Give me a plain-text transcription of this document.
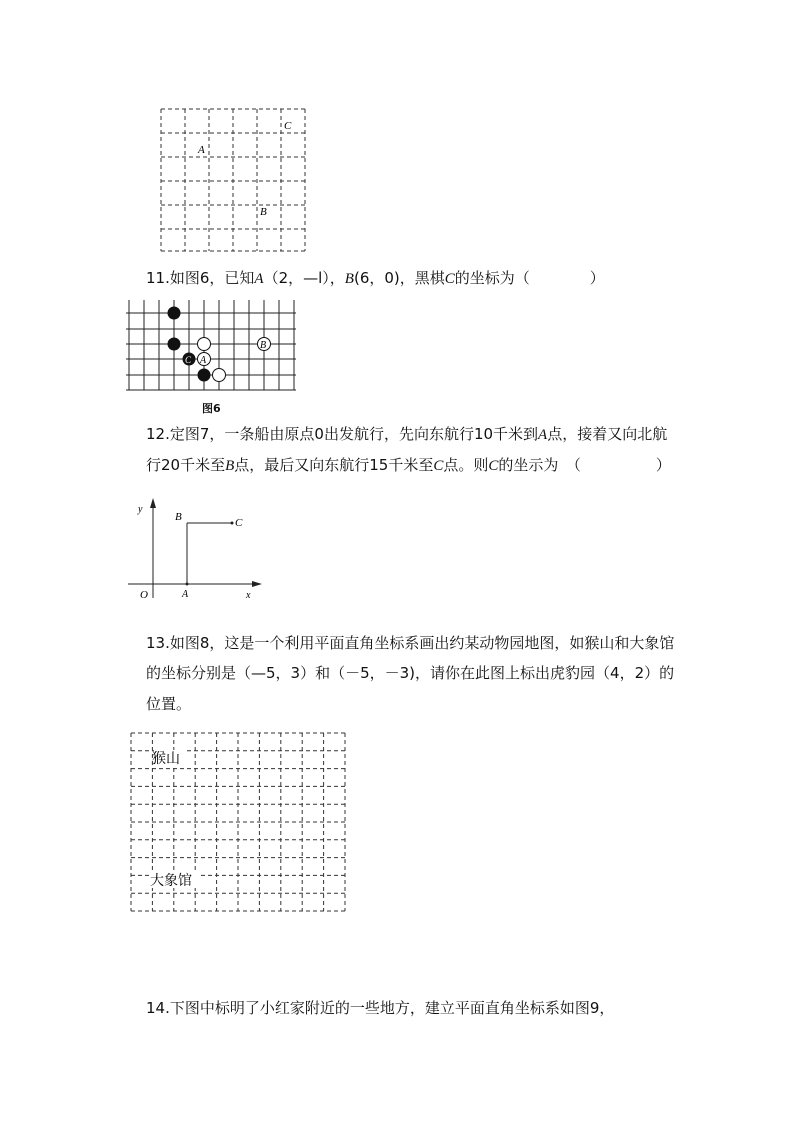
A
C
B
11.如图6，已知A（2，—l），B(6，0)，黑棋C的坐标为（　　　　）
C A
B
图6
12.定图7，一条船由原点0出发航行，先向东航行10千米到A点，接着又向北航
行20千米至B点，最后又向东航行15千米至C点。则C的坐示为　（　　　　　）
y
x
O	A
B	C
13.如图8，这是一个利用平面直角坐标系画出约某动物园地图，如猴山和大象馆
的坐标分别是（—5，3）和（－5，－3)，请你在此图上标出虎豹园（4，2）的
位置。
猴山
大象馆
14.下图中标明了小红家附近的一些地方，建立平面直角坐标系如图9，
